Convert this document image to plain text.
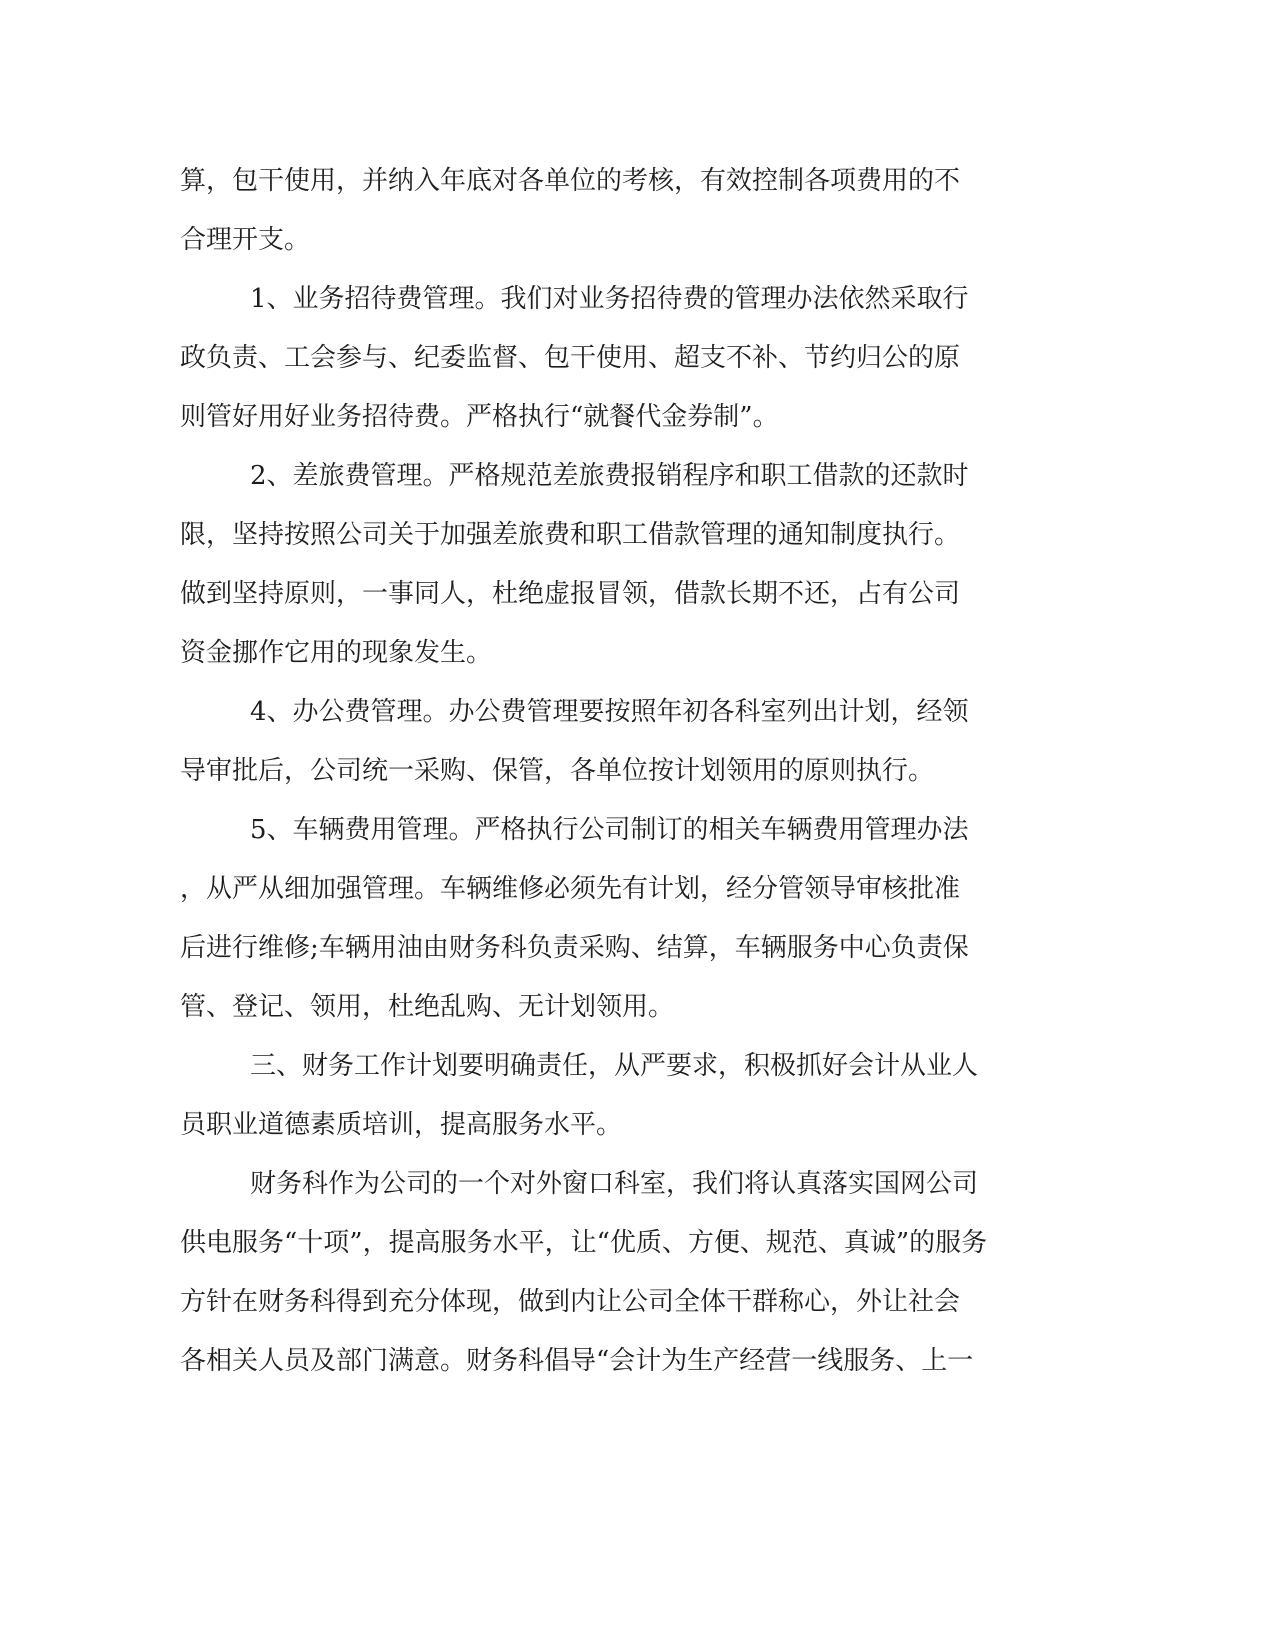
算，包干使用，并纳入年底对各单位的考核，有效控制各项费用的不
合理开支。
1、业务招待费管理。我们对业务招待费的管理办法依然采取行
政负责、工会参与、纪委监督、包干使用、超支不补、节约归公的原
则管好用好业务招待费。严格执行“就餐代金券制”。
2、差旅费管理。严格规范差旅费报销程序和职工借款的还款时
限，坚持按照公司关于加强差旅费和职工借款管理的通知制度执行。
做到坚持原则，一事同人，杜绝虚报冒领，借款长期不还，占有公司
资金挪作它用的现象发生。
4、办公费管理。办公费管理要按照年初各科室列出计划，经领
导审批后，公司统一采购、保管，各单位按计划领用的原则执行。
5、车辆费用管理。严格执行公司制订的相关车辆费用管理办法
，从严从细加强管理。车辆维修必须先有计划，经分管领导审核批准
后进行维修;车辆用油由财务科负责采购、结算，车辆服务中心负责保
管、登记、领用，杜绝乱购、无计划领用。
三、财务工作计划要明确责任，从严要求，积极抓好会计从业人
员职业道德素质培训，提高服务水平。
财务科作为公司的一个对外窗口科室，我们将认真落实国网公司
供电服务“十项”，提高服务水平，让“优质、方便、规范、真诚”的服务
方针在财务科得到充分体现，做到内让公司全体干群称心，外让社会
各相关人员及部门满意。财务科倡导“会计为生产经营一线服务、上一
